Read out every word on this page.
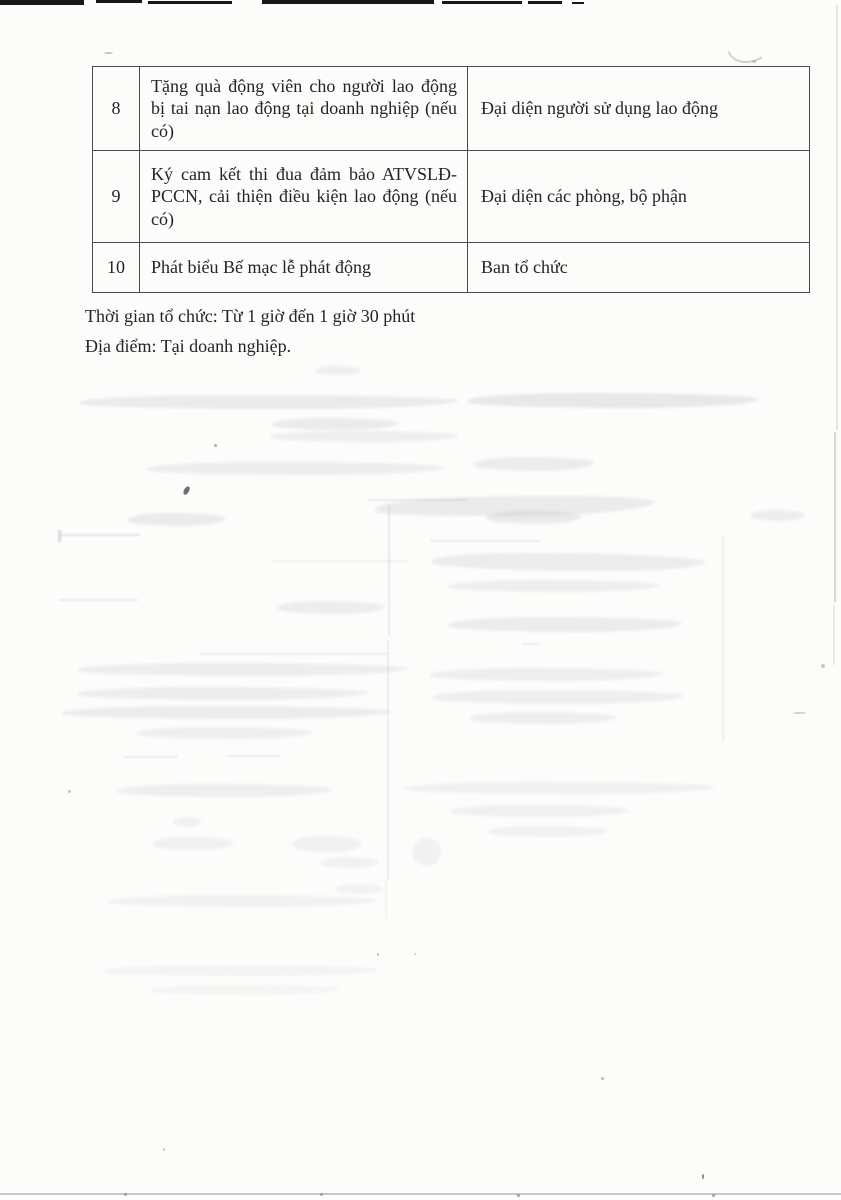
8	Tặng quà động viên cho người lao động bị tai nạn lao động tại doanh nghiệp (nếu có)	Đại diện người sử dụng lao động
9	Ký cam kết thi đua đảm bảo ATVSLĐ-PCCN, cải thiện điều kiện lao động (nếu có)	Đại diện các phòng, bộ phận
10	Phát biểu Bế mạc lễ phát động	Ban tổ chức
Thời gian tổ chức: Từ 1 giờ đến 1 giờ 30 phút
Địa điểm: Tại doanh nghiệp.
